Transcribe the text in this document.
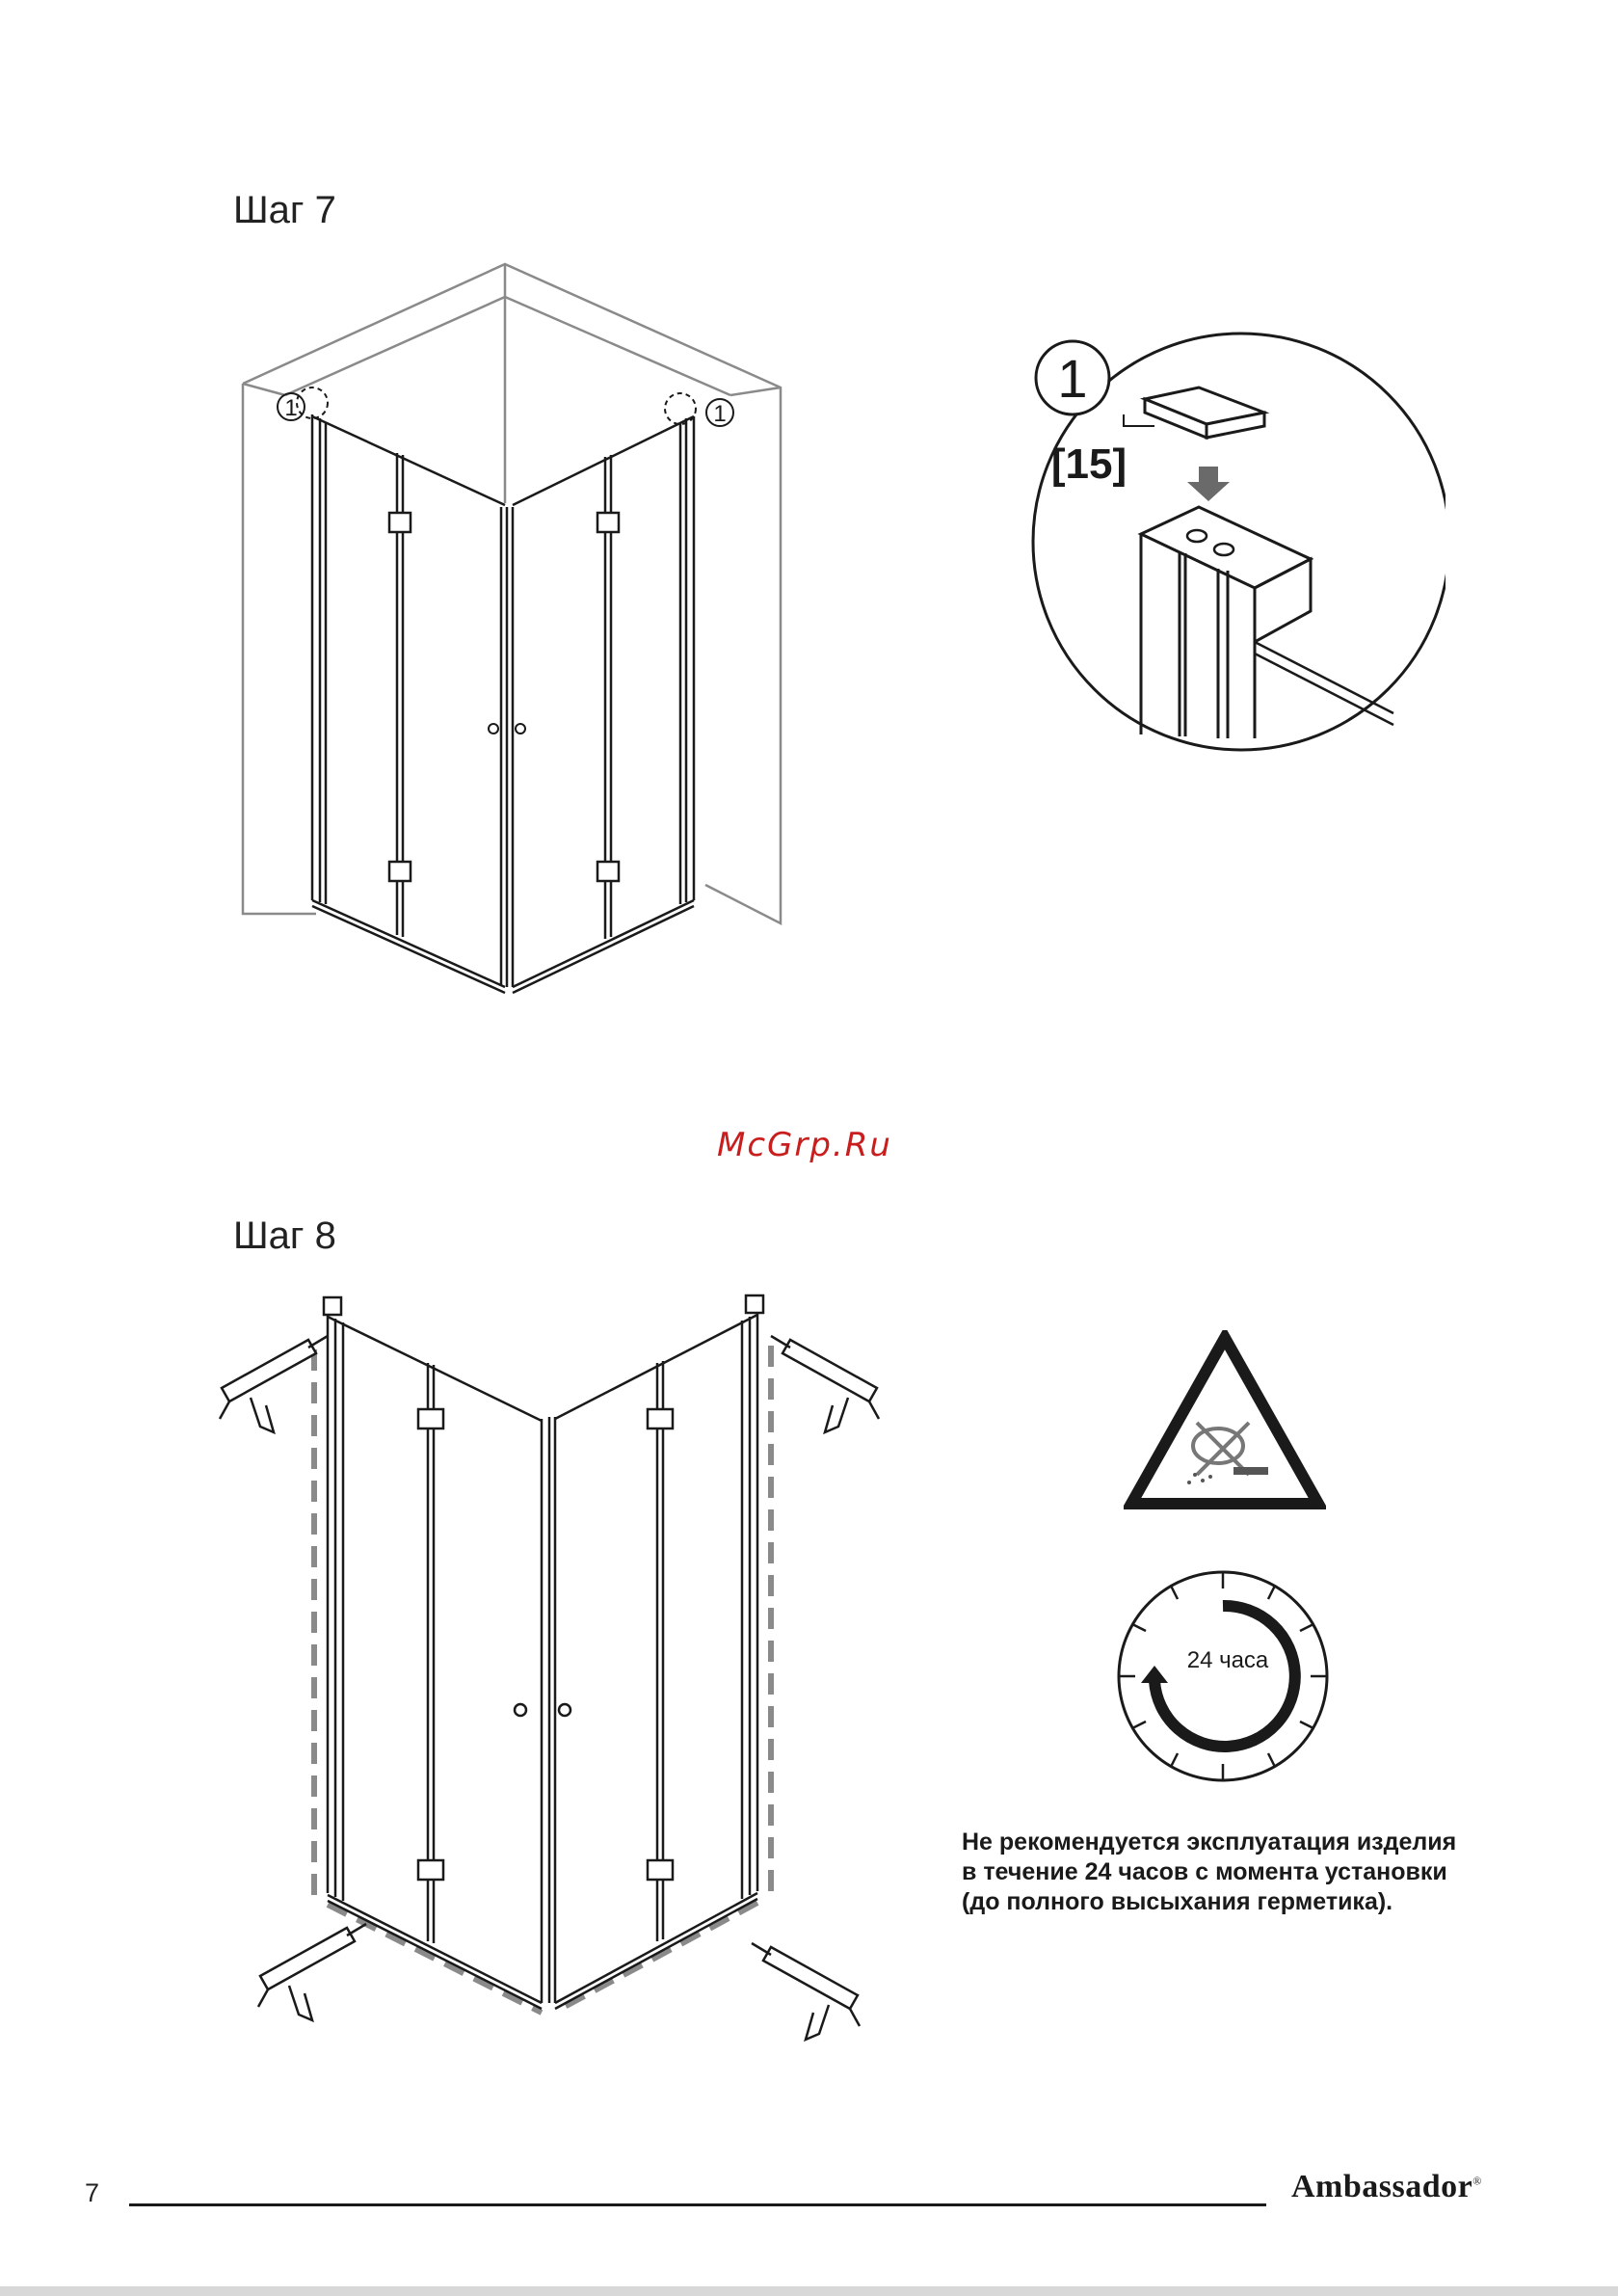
Шаг 7
1	1
1
[15]
McGrp.Ru
Шаг 8
24 часа
Не рекомендуется эксплуатация изделия
в течение 24 часов с момента установки
(до полного высыхания герметика).
7	Ambassador®
